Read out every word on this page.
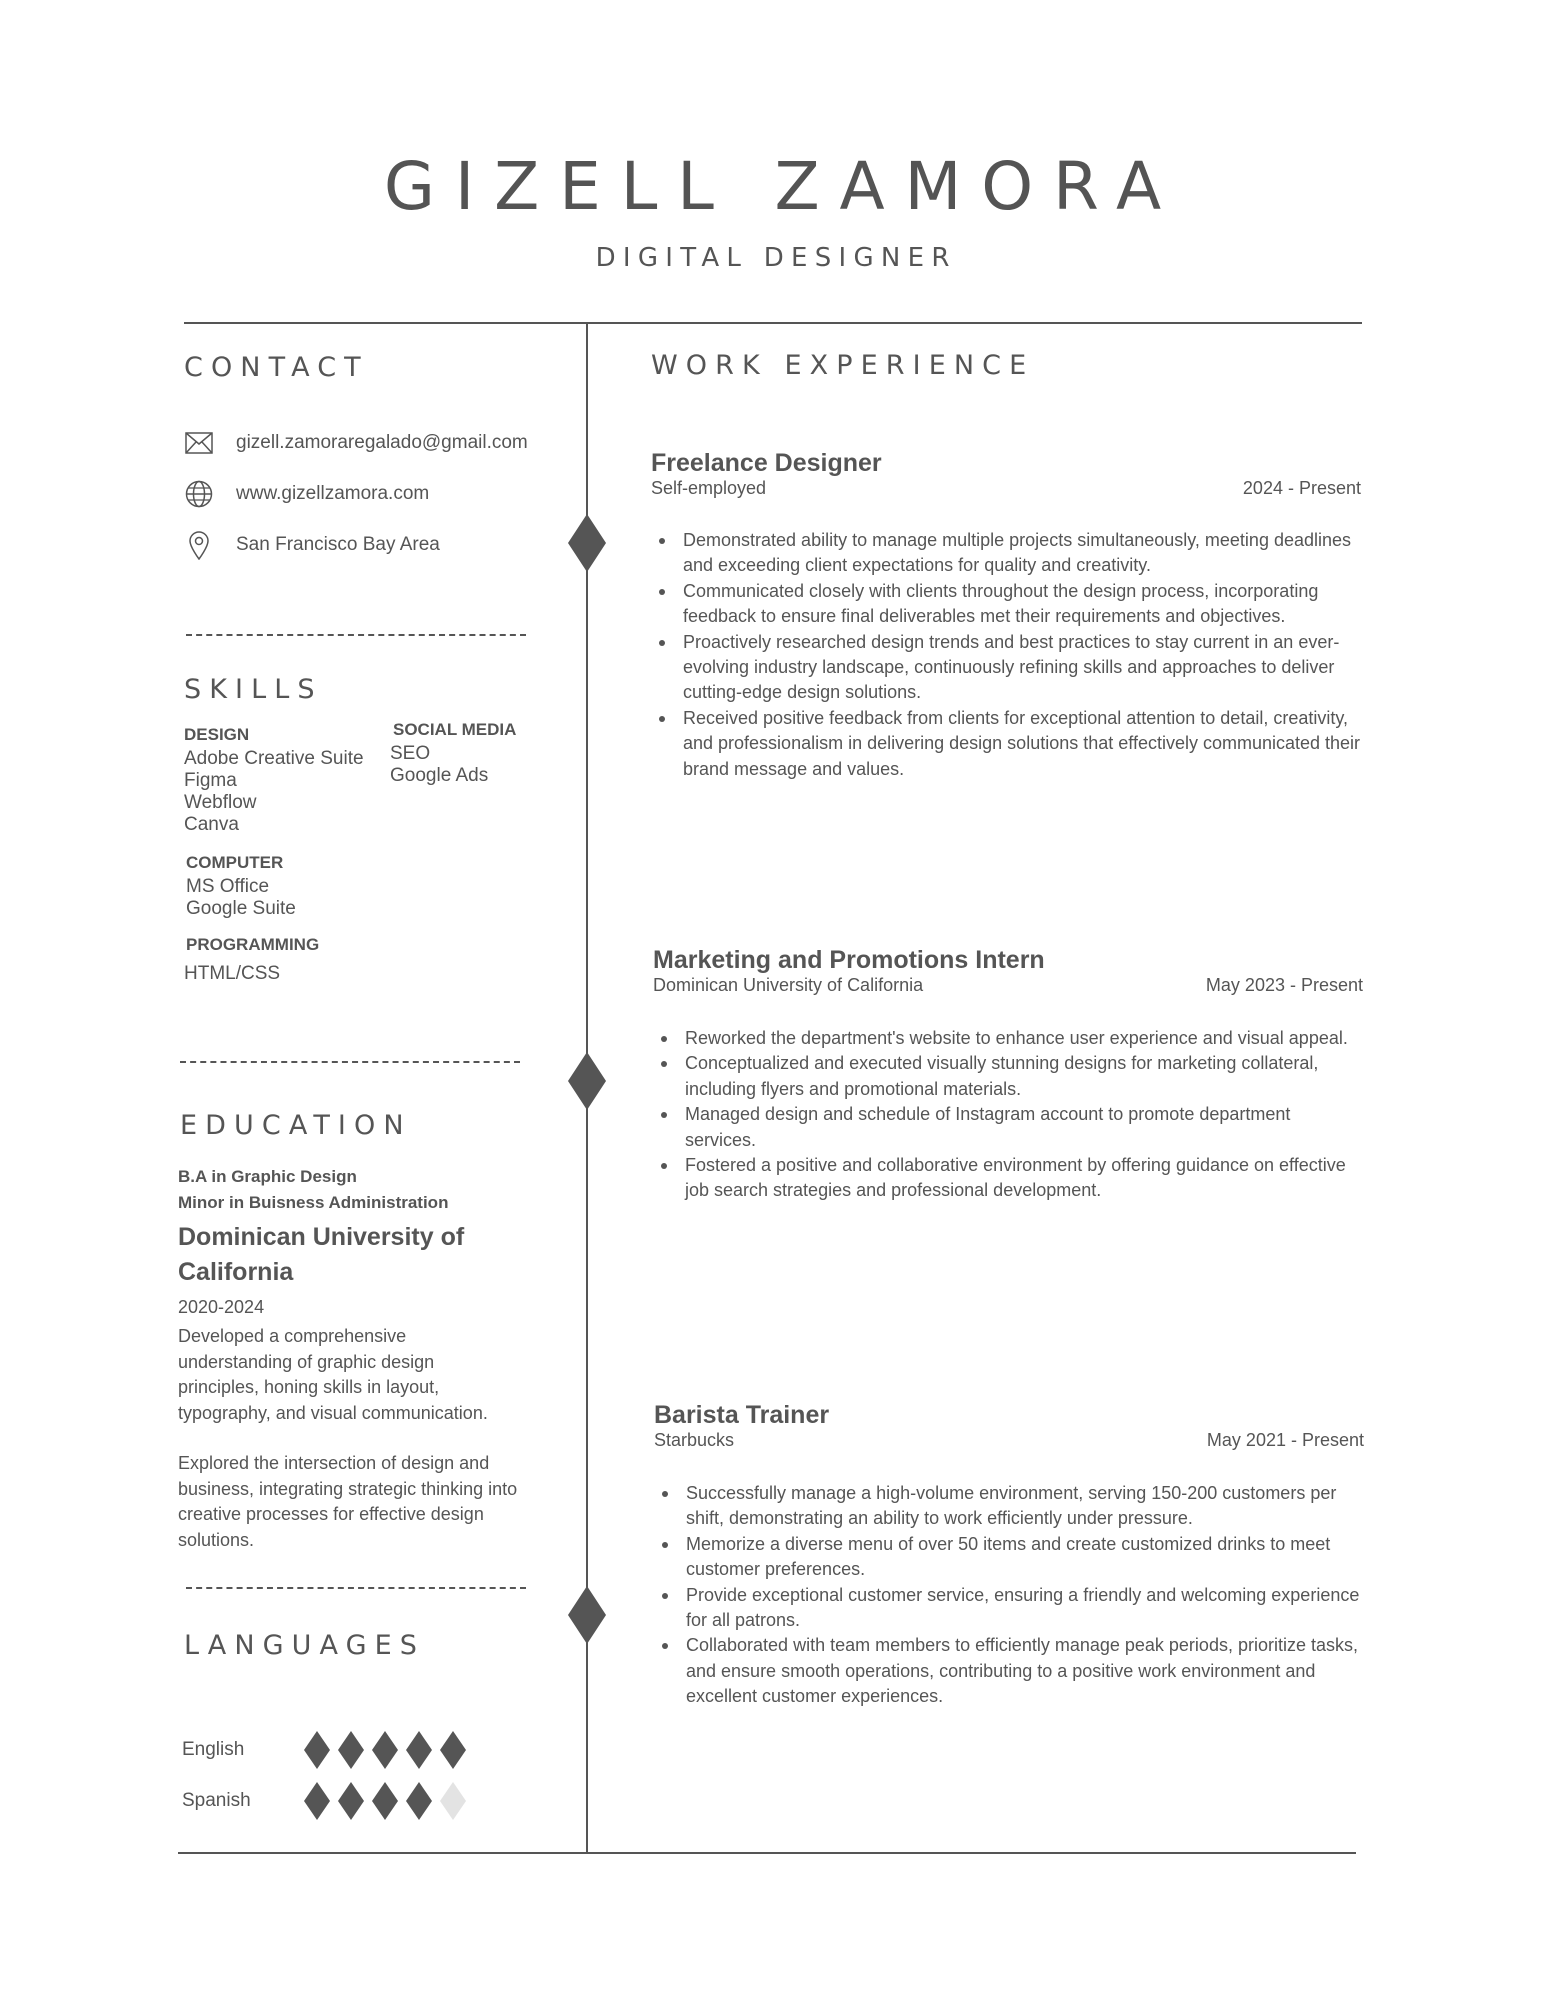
GIZELL ZAMORA
DIGITAL DESIGNER
CONTACT
gizell.zamoraregalado@gmail.com
www.gizellzamora.com
San Francisco Bay Area
SKILLS
DESIGN
Adobe Creative Suite
Figma
Webflow
Canva
SOCIAL MEDIA
SEO
Google Ads
COMPUTER
MS Office
Google Suite
PROGRAMMING
HTML/CSS
EDUCATION
B.A in Graphic Design
Minor in Buisness Administration
Dominican University of
California
2020-2024
Developed a comprehensive understanding of graphic design principles, honing skills in layout, typography, and visual communication.
Explored the intersection of design and business, integrating strategic thinking into creative processes for effective design solutions.
LANGUAGES
English
Spanish
WORK EXPERIENCE
Freelance Designer
Self-employed	2024 - Present
Demonstrated ability to manage multiple projects simultaneously, meeting deadlines and exceeding client expectations for quality and creativity.
Communicated closely with clients throughout the design process, incorporating feedback to ensure final deliverables met their requirements and objectives.
Proactively researched design trends and best practices to stay current in an ever-evolving industry landscape, continuously refining skills and approaches to deliver cutting-edge design solutions.
Received positive feedback from clients for exceptional attention to detail, creativity, and professionalism in delivering design solutions that effectively communicated their brand message and values.
Marketing and Promotions Intern
Dominican University of California	May 2023 - Present
Reworked the department's website to enhance user experience and visual appeal.
Conceptualized and executed visually stunning designs for marketing collateral, including flyers and promotional materials.
Managed design and schedule of Instagram account to promote department services.
Fostered a positive and collaborative environment by offering guidance on effective job search strategies and professional development.
Barista Trainer
Starbucks	May 2021 - Present
Successfully manage a high-volume environment, serving 150-200 customers per shift, demonstrating an ability to work efficiently under pressure.
Memorize a diverse menu of over 50 items and create customized drinks to meet customer preferences.
Provide exceptional customer service, ensuring a friendly and welcoming experience for all patrons.
Collaborated with team members to efficiently manage peak periods, prioritize tasks, and ensure smooth operations, contributing to a positive work environment and excellent customer experiences.
